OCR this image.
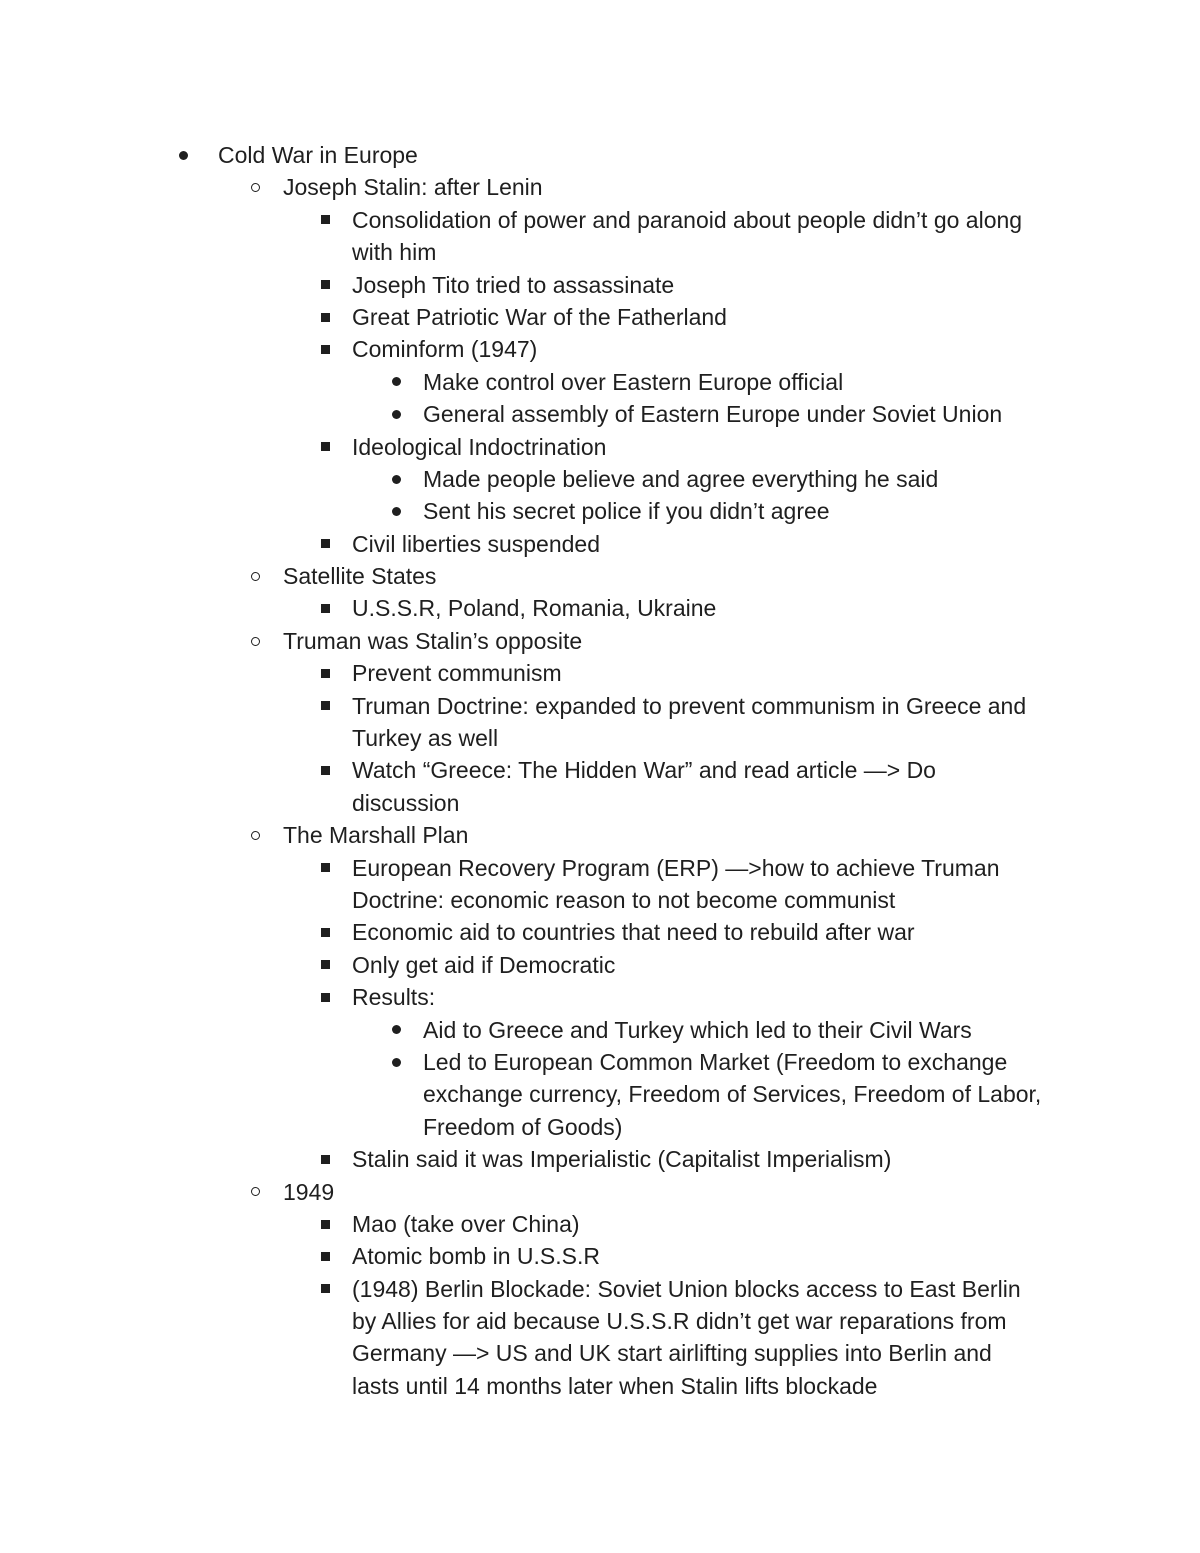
Cold War in Europe
Joseph Stalin: after Lenin
Consolidation of power and paranoid about people didn’t go along
with him
Joseph Tito tried to assassinate
Great Patriotic War of the Fatherland
Cominform (1947)
Make control over Eastern Europe official
General assembly of Eastern Europe under Soviet Union
Ideological Indoctrination
Made people believe and agree everything he said
Sent his secret police if you didn’t agree
Civil liberties suspended
Satellite States
U.S.S.R, Poland, Romania, Ukraine
Truman was Stalin’s opposite
Prevent communism
Truman Doctrine: expanded to prevent communism in Greece and
Turkey as well
Watch “Greece: The Hidden War” and read article —> Do
discussion
The Marshall Plan
European Recovery Program (ERP) —>how to achieve Truman
Doctrine: economic reason to not become communist
Economic aid to countries that need to rebuild after war
Only get aid if Democratic
Results:
Aid to Greece and Turkey which led to their Civil Wars
Led to European Common Market (Freedom to exchange
exchange currency, Freedom of Services, Freedom of Labor,
Freedom of Goods)
Stalin said it was Imperialistic (Capitalist Imperialism)
1949
Mao (take over China)
Atomic bomb in U.S.S.R
(1948) Berlin Blockade: Soviet Union blocks access to East Berlin
by Allies for aid because U.S.S.R didn’t get war reparations from
Germany —> US and UK start airlifting supplies into Berlin and
lasts until 14 months later when Stalin lifts blockade
